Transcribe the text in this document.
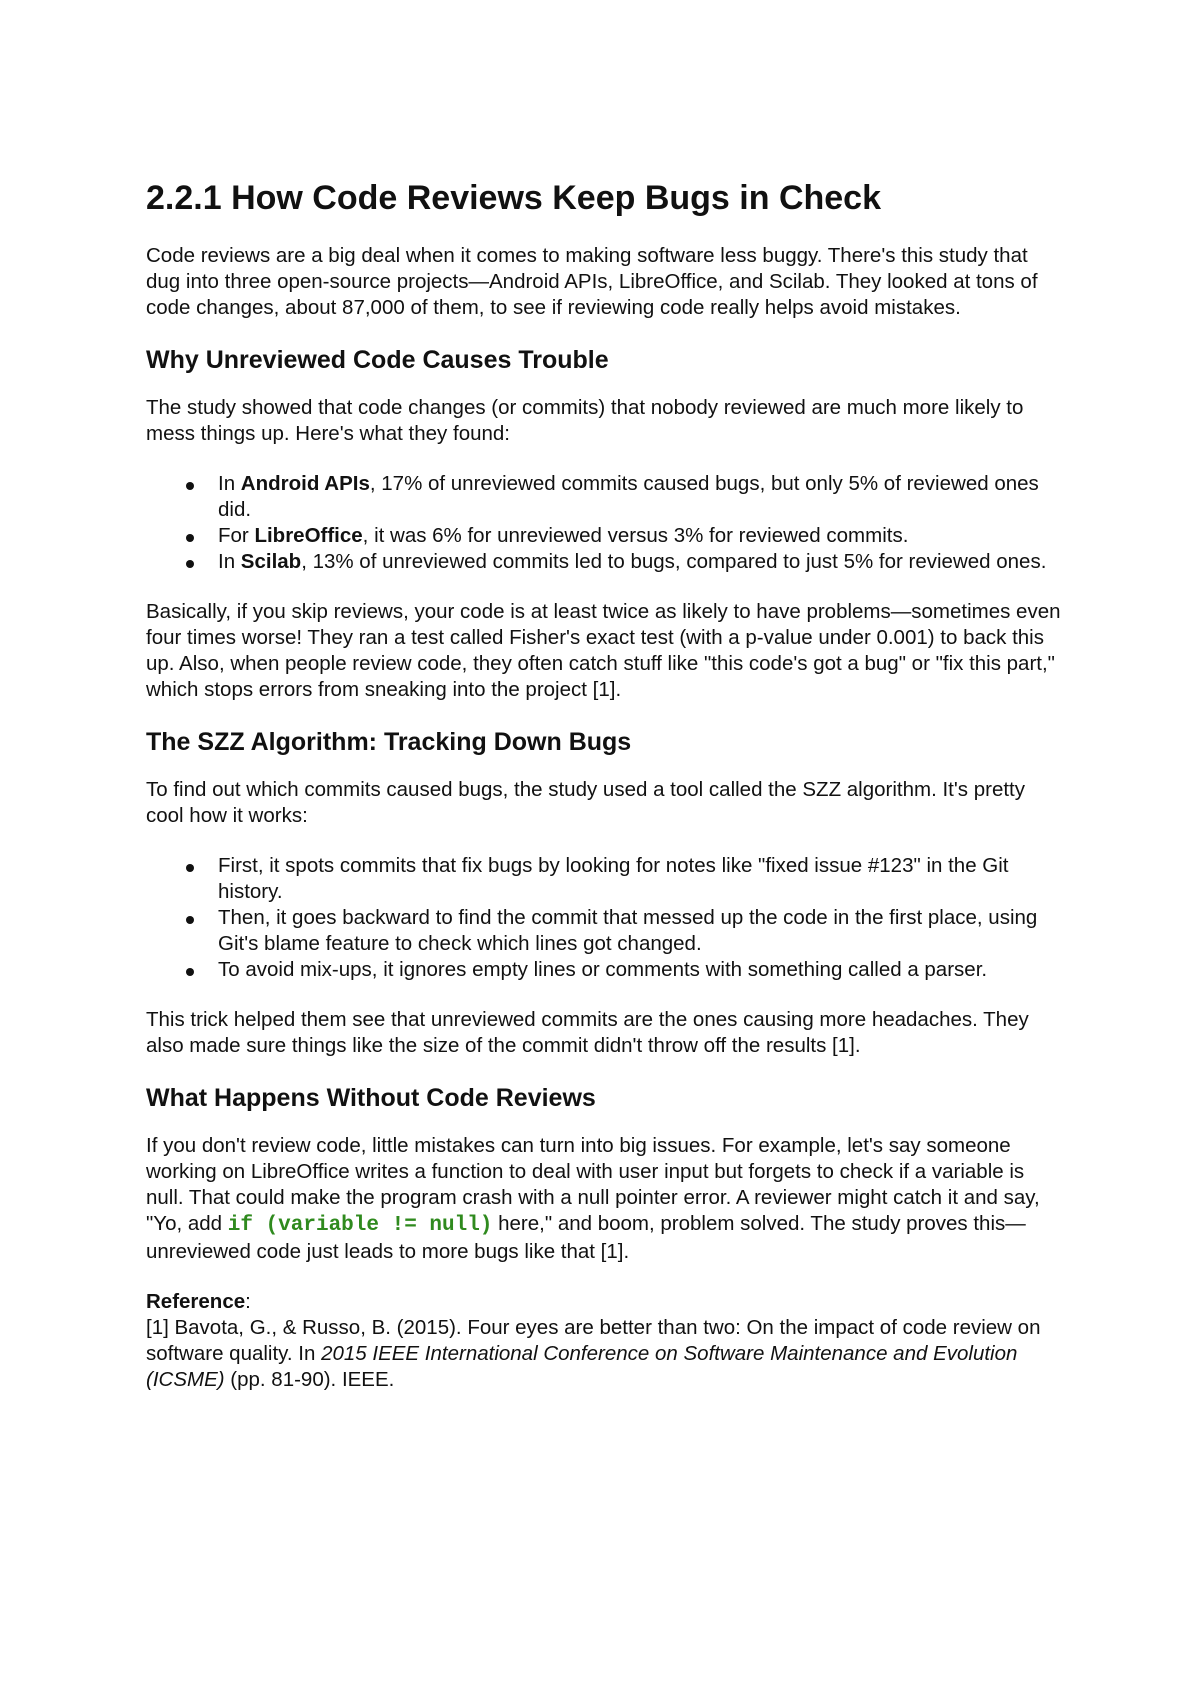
2.2.1 How Code Reviews Keep Bugs in Check

Code reviews are a big deal when it comes to making software less buggy. There's this study that dug into three open-source projects—Android APIs, LibreOffice, and Scilab. They looked at tons of code changes, about 87,000 of them, to see if reviewing code really helps avoid mistakes.

Why Unreviewed Code Causes Trouble

The study showed that code changes (or commits) that nobody reviewed are much more likely to mess things up. Here's what they found:

In Android APIs, 17% of unreviewed commits caused bugs, but only 5% of reviewed ones did.
For LibreOffice, it was 6% for unreviewed versus 3% for reviewed commits.
In Scilab, 13% of unreviewed commits led to bugs, compared to just 5% for reviewed ones.

Basically, if you skip reviews, your code is at least twice as likely to have problems—sometimes even four times worse! They ran a test called Fisher's exact test (with a p-value under 0.001) to back this up. Also, when people review code, they often catch stuff like "this code's got a bug" or "fix this part," which stops errors from sneaking into the project [1].

The SZZ Algorithm: Tracking Down Bugs

To find out which commits caused bugs, the study used a tool called the SZZ algorithm. It's pretty cool how it works:

First, it spots commits that fix bugs by looking for notes like "fixed issue #123" in the Git history.
Then, it goes backward to find the commit that messed up the code in the first place, using Git's blame feature to check which lines got changed.
To avoid mix-ups, it ignores empty lines or comments with something called a parser.

This trick helped them see that unreviewed commits are the ones causing more headaches. They also made sure things like the size of the commit didn't throw off the results [1].

What Happens Without Code Reviews

If you don't review code, little mistakes can turn into big issues. For example, let's say someone working on LibreOffice writes a function to deal with user input but forgets to check if a variable is null. That could make the program crash with a null pointer error. A reviewer might catch it and say, "Yo, add if (variable != null) here," and boom, problem solved. The study proves this—unreviewed code just leads to more bugs like that [1].

Reference:
[1] Bavota, G., & Russo, B. (2015). Four eyes are better than two: On the impact of code review on software quality. In 2015 IEEE International Conference on Software Maintenance and Evolution (ICSME) (pp. 81-90). IEEE.
